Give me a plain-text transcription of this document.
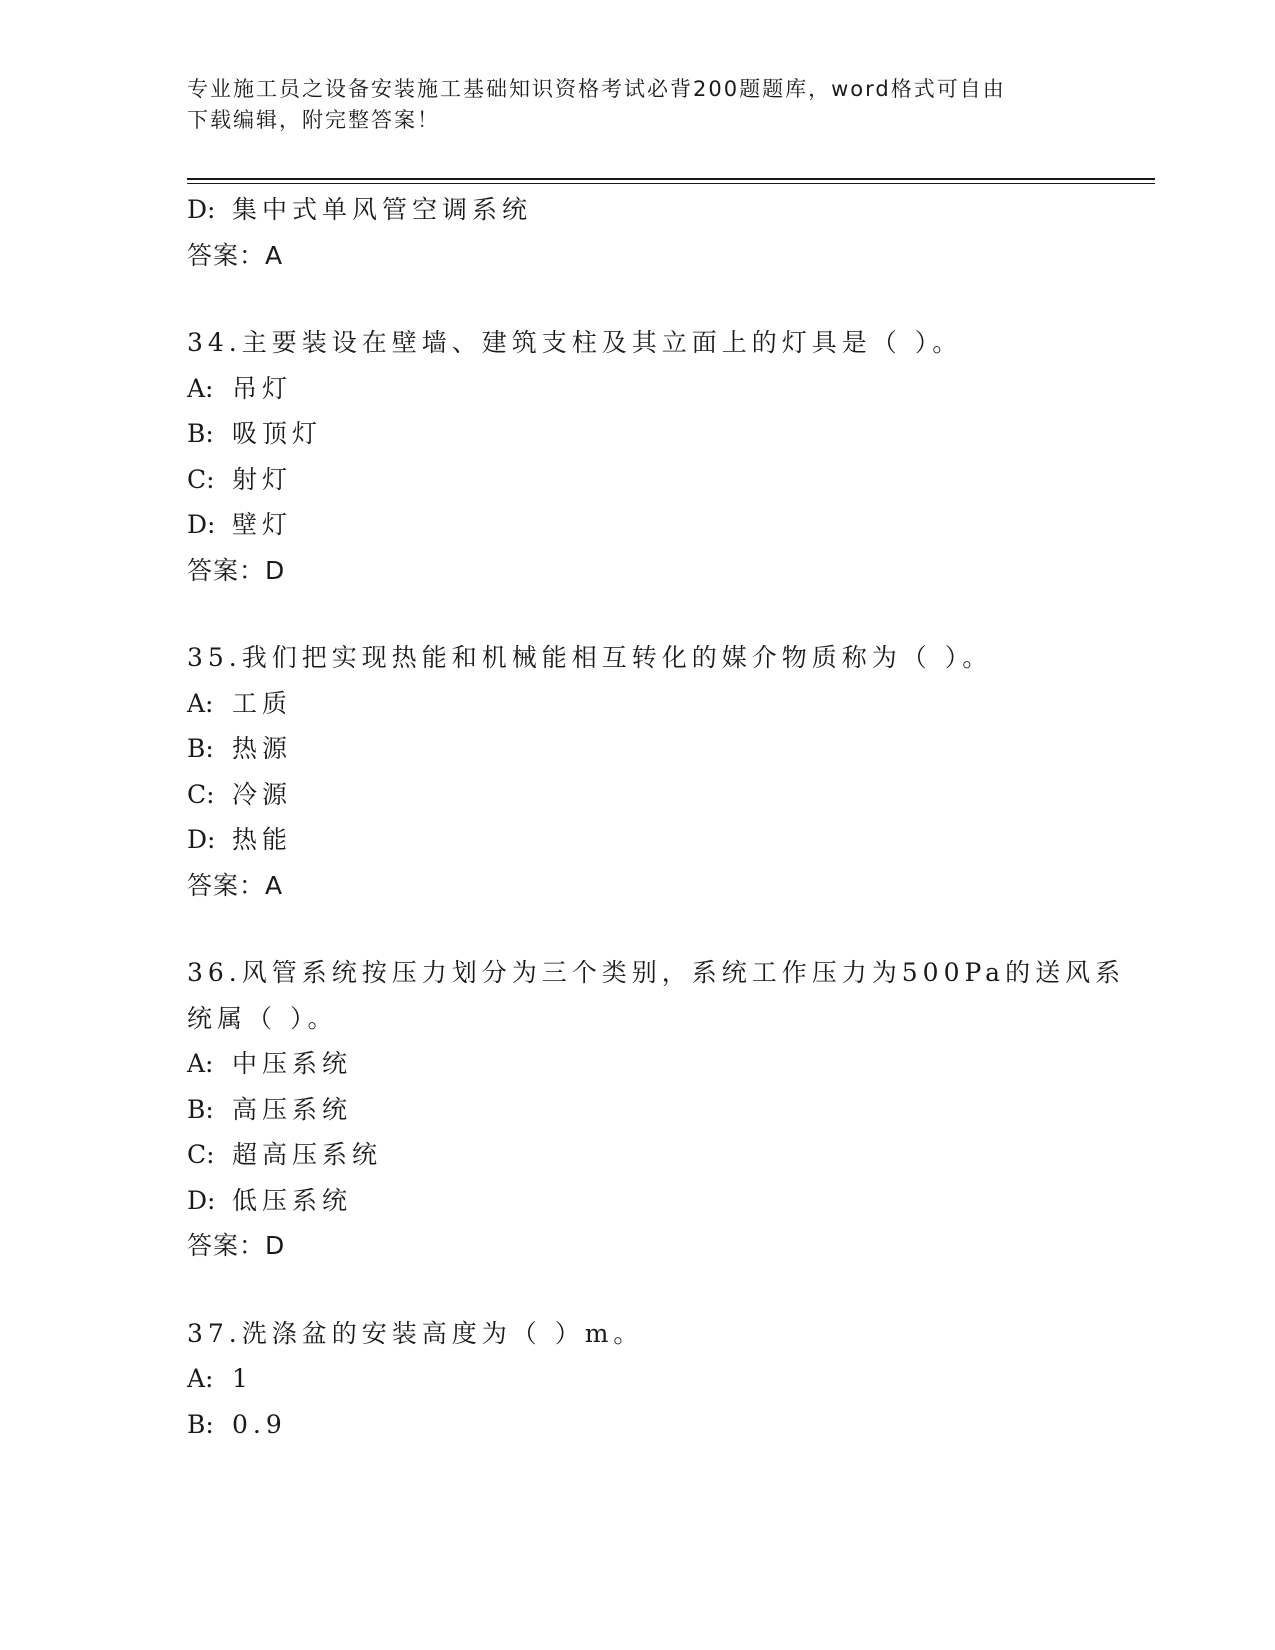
专业施工员之设备安装施工基础知识资格考试必背200题题库，word格式可自由
下载编辑，附完整答案！
D: 集中式单风管空调系统
答案：A
34.主要装设在壁墙、建筑支柱及其立面上的灯具是（ ）。
A: 吊灯
B: 吸顶灯
C: 射灯
D: 壁灯
答案：D
35.我们把实现热能和机械能相互转化的媒介物质称为（ ）。
A: 工质
B: 热源
C: 冷源
D: 热能
答案：A
36.风管系统按压力划分为三个类别，系统工作压力为500Pa的送风系
统属（ ）。
A: 中压系统
B: 高压系统
C: 超高压系统
D: 低压系统
答案：D
37.洗涤盆的安装高度为（ ）m。
A: 1
B: 0.9
